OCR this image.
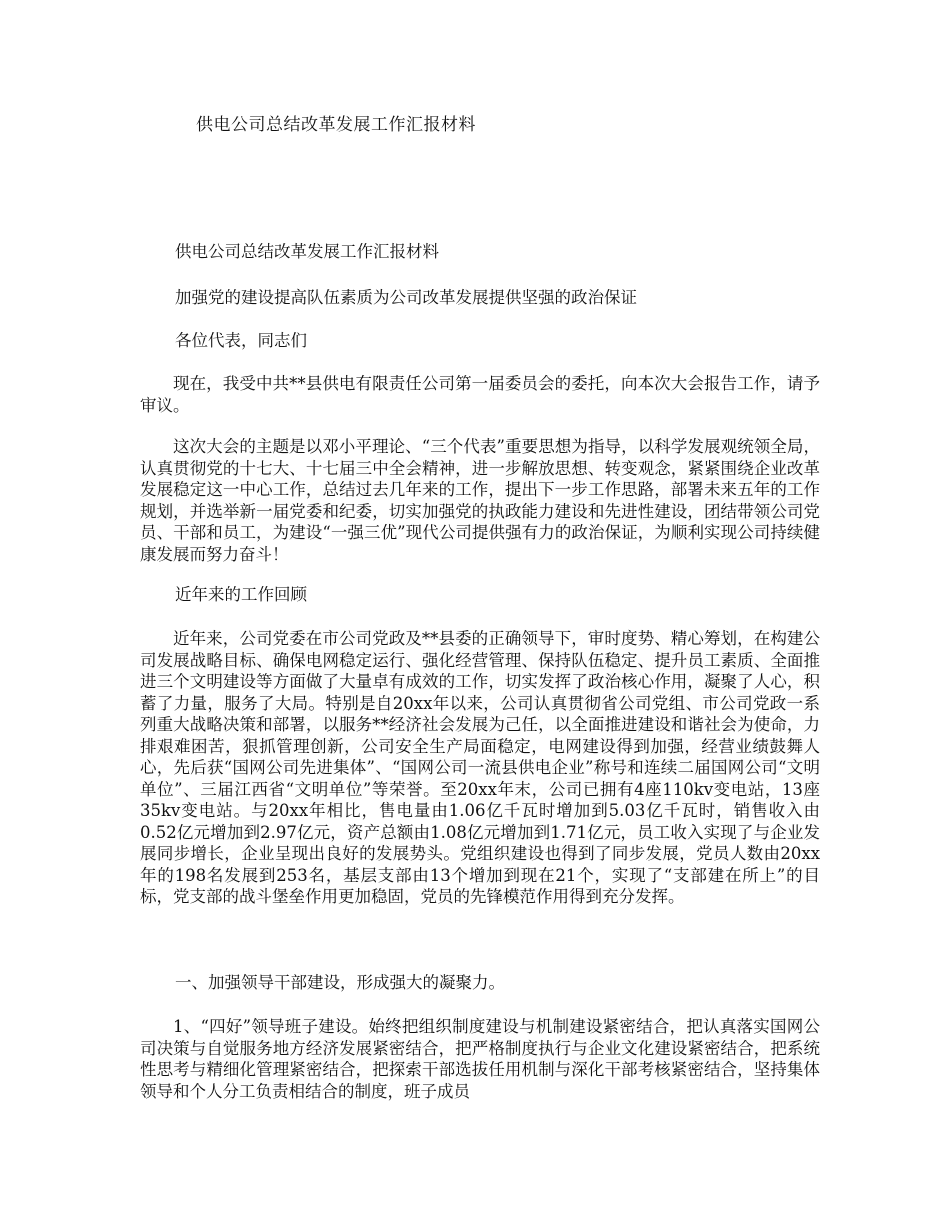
供电公司总结改革发展工作汇报材料
供电公司总结改革发展工作汇报材料
加强党的建设提高队伍素质为公司改革发展提供坚强的政治保证
各位代表，同志们
现在，我受中共**县供电有限责任公司第一届委员会的委托，向本次大会报告工作，请予审议。
这次大会的主题是以邓小平理论、“三个代表”重要思想为指导，以科学发展观统领全局，认真贯彻党的十七大、十七届三中全会精神，进一步解放思想、转变观念，紧紧围绕企业改革发展稳定这一中心工作，总结过去几年来的工作，提出下一步工作思路，部署未来五年的工作规划，并选举新一届党委和纪委，切实加强党的执政能力建设和先进性建设，团结带领公司党员、干部和员工，为建设“一强三优”现代公司提供强有力的政治保证，为顺利实现公司持续健康发展而努力奋斗！
近年来的工作回顾
近年来，公司党委在市公司党政及**县委的正确领导下，审时度势、精心筹划，在构建公司发展战略目标、确保电网稳定运行、强化经营管理、保持队伍稳定、提升员工素质、全面推进三个文明建设等方面做了大量卓有成效的工作，切实发挥了政治核心作用，凝聚了人心，积蓄了力量，服务了大局。特别是自20xx年以来，公司认真贯彻省公司党组、市公司党政一系列重大战略决策和部署，以服务**经济社会发展为己任，以全面推进建设和谐社会为使命，力排艰难困苦，狠抓管理创新，公司安全生产局面稳定，电网建设得到加强，经营业绩鼓舞人心，先后获“国网公司先进集体”、“国网公司一流县供电企业”称号和连续二届国网公司“文明单位”、三届江西省“文明单位”等荣誉。至20xx年末，公司已拥有4座110kv变电站，13座35kv变电站。与20xx年相比，售电量由1.06亿千瓦时增加到5.03亿千瓦时，销售收入由0.52亿元增加到2.97亿元，资产总额由1.08亿元增加到1.71亿元，员工收入实现了与企业发展同步增长，企业呈现出良好的发展势头。党组织建设也得到了同步发展，党员人数由20xx年的198名发展到253名，基层支部由13个增加到现在21个，实现了“支部建在所上”的目标，党支部的战斗堡垒作用更加稳固，党员的先锋模范作用得到充分发挥。
一、加强领导干部建设，形成强大的凝聚力。
1、“四好”领导班子建设。始终把组织制度建设与机制建设紧密结合，把认真落实国网公司决策与自觉服务地方经济发展紧密结合，把严格制度执行与企业文化建设紧密结合，把系统性思考与精细化管理紧密结合，把探索干部选拔任用机制与深化干部考核紧密结合，坚持集体领导和个人分工负责相结合的制度，班子成员
